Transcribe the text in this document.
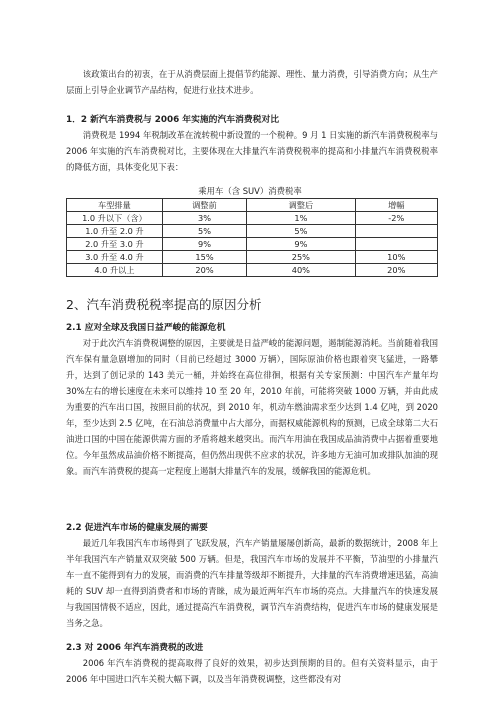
该政策出台的初衷，在于从消费层面上提倡节约能源、理性、量力消费，引导消费方向；从生产层面上引导企业调节产品结构，促进行业技术进步。
1．2 新汽车消费税与 2006 年实施的汽车消费税对比
消费税是 1994 年税制改革在流转税中新设置的一个税种。9 月 1 日实施的新汽车消费税税率与 2006 年实施的汽车消费税对比，主要体现在大排量汽车消费税税率的提高和小排量汽车消费税税率的降低方面，具体变化见下表：
乘用车（含 SUV）消费税率
车型排量	调整前	调整后	增幅
1.0 升以下（含）	3%	1%	-2%
1.0 升至 2.0 升	5%	5%	
2.0 升至 3.0 升	9%	9%	
3.0 升至 4.0 升	15%	25%	10%
4.0 升以上	20%	40%	20%
2、汽车消费税税率提高的原因分析
2.1 应对全球及我国日益严峻的能源危机
对于此次汽车消费税调整的原因，主要就是日益严峻的能源问题，遏制能源消耗。当前随着我国汽车保有量急剧增加的同时（目前已经超过 3000 万辆），国际原油价格也跟着突飞猛进，一路攀升，达到了创记录的 143 美元一桶，并始终在高位徘徊，根据有关专家预测：中国汽车产量年均 30%左右的增长速度在未来可以维持 10 至 20 年，2010 年前，可能将突破 1000 万辆，并由此成为重要的汽车出口国，按照目前的状况，到 2010 年，机动车燃油需求至少达到 1.4 亿吨，到 2020 年，至少达到 2.5 亿吨，在石油总消费量中占大部分，而据权威能源机构的预测，已成全球第二大石油进口国的中国在能源供需方面的矛盾将越来越突出。而汽车用油在我国成品油消费中占据着重要地位。今年虽然成品油价格不断提高，但仍然出现供不应求的状况，许多地方无油可加或排队加油的现象。而汽车消费税的提高一定程度上遏制大排量汽车的发展，缓解我国的能源危机。
2.2 促进汽车市场的健康发展的需要
最近几年我国汽车市场得到了飞跃发展，汽车产销量屡屡创新高，最新的数据统计，2008 年上半年我国汽车产销量双双突破 500 万辆。但是，我国汽车市场的发展并不平衡，节油型的小排量汽车一直不能得到有力的发展，而消费的汽车排量等级却不断提升，大排量的汽车消费增速迅猛，高油耗的 SUV 却一直得到消费者和市场的青睐，成为最近两年汽车市场的亮点。大排量汽车的快速发展与我国国情极不适应，因此，通过提高汽车消费税，调节汽车消费结构，促进汽车市场的健康发展是当务之急。
2.3 对 2006 年汽车消费税的改进
2006 年汽车消费税的提高取得了良好的效果，初步达到预期的目的。但有关资料显示，由于 2006 年中国进口汽车关税大幅下调，以及当年消费税调整，这些都没有对
